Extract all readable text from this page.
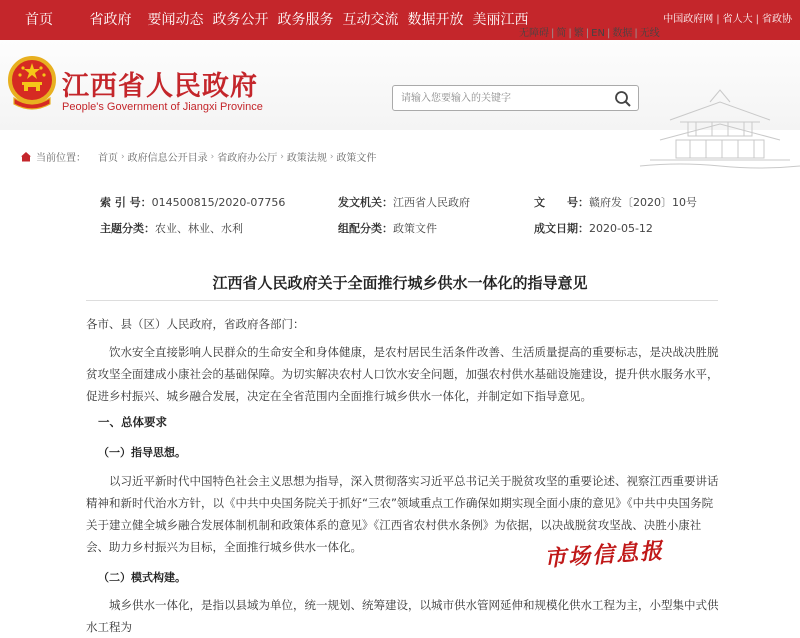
首页	省政府	要闻动态 政务公开 政务服务 互动交流 数据开放 美丽江西	中国政府网 | 省人大 | 省政协
江西省人民政府
People's Government of Jiangxi Province
无障碍 | 简 | 繁 | EN | 数据 | 无线
请输入您要输入的关键字
当前位置： 首页 › 政府信息公开目录 › 省政府办公厅 › 政策法规 › 政策文件
索 引 号：014500815/2020-07756	发文机关：江西省人民政府	文　　号：赣府发〔2020〕10号
主题分类：农业、林业、水利	组配分类：政策文件	成文日期：2020-05-12
江西省人民政府关于全面推行城乡供水一体化的指导意见
各市、县（区）人民政府，省政府各部门：
饮水安全直接影响人民群众的生命安全和身体健康，是农村居民生活条件改善、生活质量提高的重要标志，是决战决胜脱贫攻坚全面建成小康社会的基础保障。为切实解决农村人口饮水安全问题，加强农村供水基础设施建设，提升供水服务水平，促进乡村振兴、城乡融合发展，决定在全省范围内全面推行城乡供水一体化，并制定如下指导意见。
一、总体要求
（一）指导思想。
以习近平新时代中国特色社会主义思想为指导，深入贯彻落实习近平总书记关于脱贫攻坚的重要论述、视察江西重要讲话精神和新时代治水方针，以《中共中央国务院关于抓好“三农”领域重点工作确保如期实现全面小康的意见》《中共中央国务院关于建立健全城乡融合发展体制机制和政策体系的意见》《江西省农村供水条例》为依据，以决战脱贫攻坚战、决胜小康社会、助力乡村振兴为目标，全面推行城乡供水一体化。
（二）模式构建。
城乡供水一体化，是指以县域为单位，统一规划、统筹建设，以城市供水管网延伸和规模化供水工程为主，小型集中式供水工程为
市场信息报
